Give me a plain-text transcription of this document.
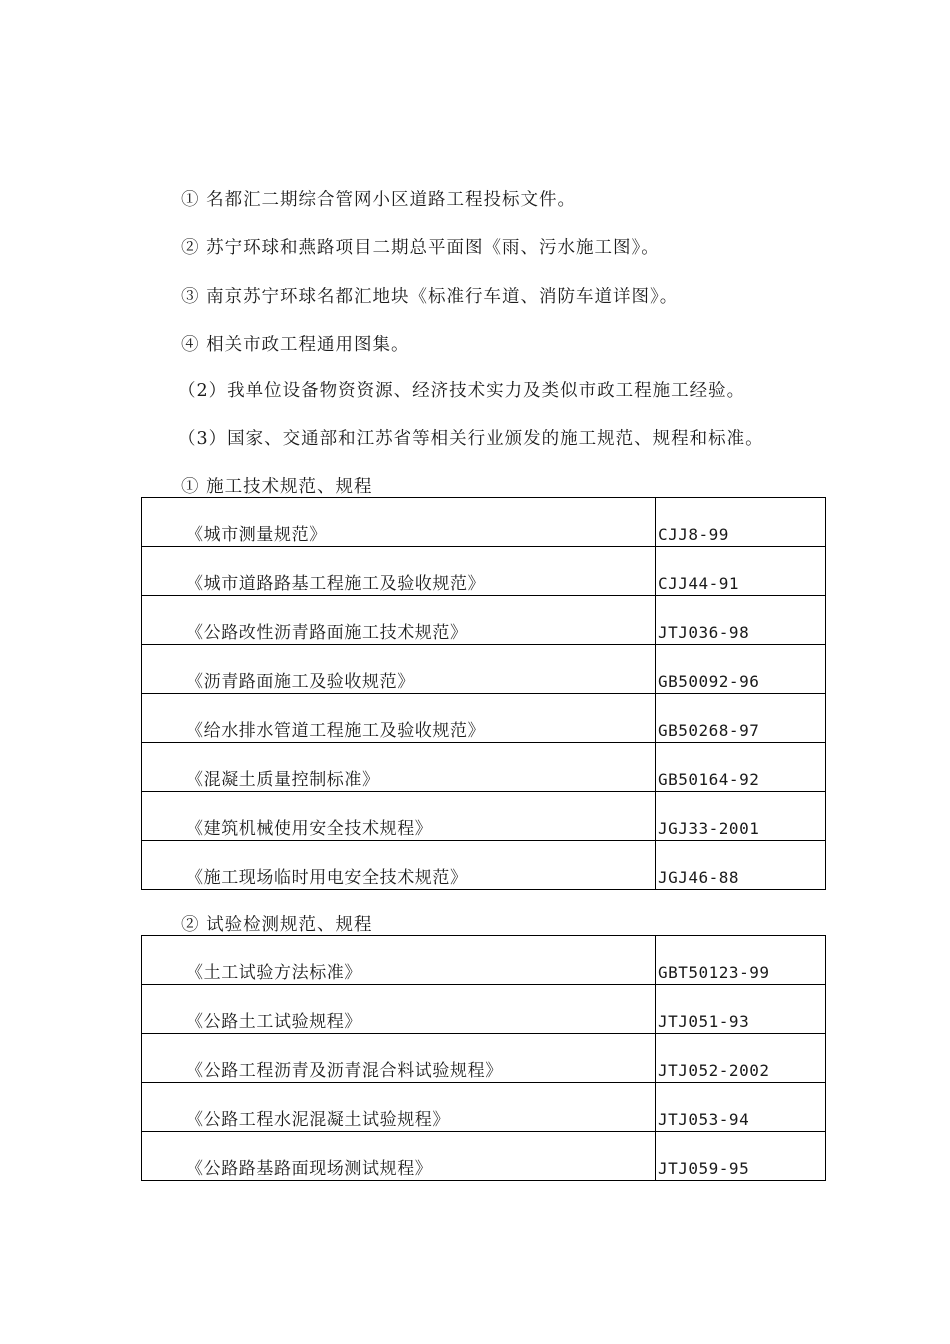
① 名都汇二期综合管网小区道路工程投标文件。
② 苏宁环球和燕路项目二期总平面图《雨、污水施工图》。
③ 南京苏宁环球名都汇地块《标准行车道、消防车道详图》。
④ 相关市政工程通用图集。
（2）我单位设备物资资源、经济技术实力及类似市政工程施工经验。
（3）国家、交通部和江苏省等相关行业颁发的施工规范、规程和标准。
① 施工技术规范、规程
《城市测量规范》	CJJ8-99
《城市道路路基工程施工及验收规范》	CJJ44-91
《公路改性沥青路面施工技术规范》	JTJ036-98
《沥青路面施工及验收规范》	GB50092-96
《给水排水管道工程施工及验收规范》	GB50268-97
《混凝土质量控制标准》	GB50164-92
《建筑机械使用安全技术规程》	JGJ33-2001
《施工现场临时用电安全技术规范》	JGJ46-88
② 试验检测规范、规程
《土工试验方法标准》	GBT50123-99
《公路土工试验规程》	JTJ051-93
《公路工程沥青及沥青混合料试验规程》	JTJ052-2002
《公路工程水泥混凝土试验规程》	JTJ053-94
《公路路基路面现场测试规程》	JTJ059-95
